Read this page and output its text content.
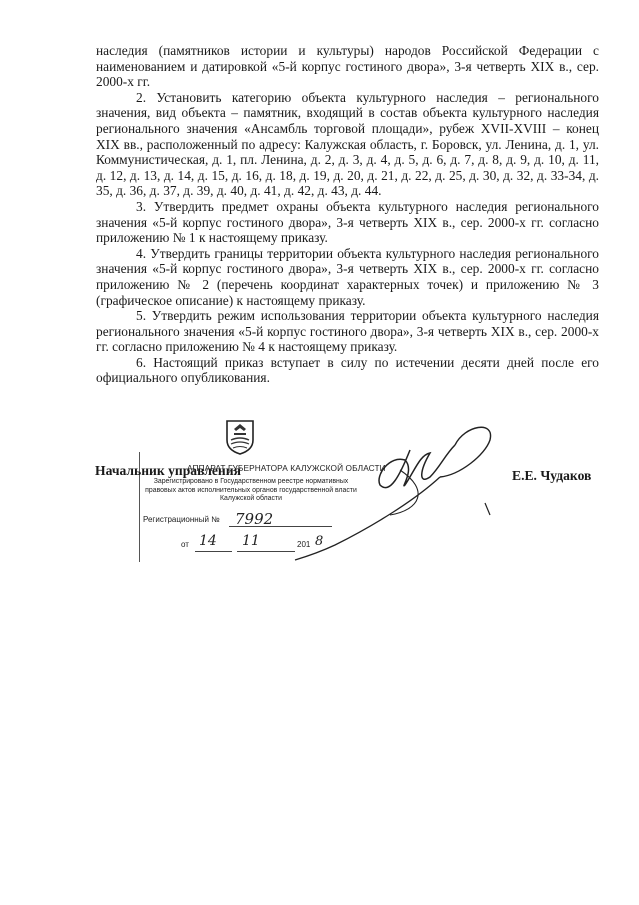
наследия (памятников истории и культуры) народов Российской Федерации с наименованием и датировкой «5-й корпус гостиного двора», 3-я четверть XIX в., сер. 2000-х гг.

2. Установить категорию объекта культурного наследия – регионального значения, вид объекта – памятник, входящий в состав объекта культурного наследия регионального значения «Ансамбль торговой площади», рубеж XVII-XVIII – конец XIX вв., расположенный по адресу: Калужская область, г. Боровск, ул. Ленина, д. 1, ул. Коммунистическая, д. 1, пл. Ленина, д. 2, д. 3, д. 4, д. 5, д. 6, д. 7, д. 8, д. 9, д. 10, д. 11, д. 12, д. 13, д. 14, д. 15, д. 16, д. 18, д. 19, д. 20, д. 21, д. 22, д. 25, д. 30, д. 32, д. 33-34, д. 35, д. 36, д. 37, д. 39, д. 40, д. 41, д. 42, д. 43, д. 44.

3. Утвердить предмет охраны объекта культурного наследия регионального значения «5-й корпус гостиного двора», 3-я четверть XIX в., сер. 2000-х гг. согласно приложению № 1 к настоящему приказу.

4. Утвердить границы территории объекта культурного наследия регионального значения «5-й корпус гостиного двора», 3-я четверть XIX в., сер. 2000-х гг. согласно приложению № 2 (перечень координат характерных точек) и приложению № 3 (графическое описание) к настоящему приказу.

5. Утвердить режим использования территории объекта культурного наследия регионального значения «5-й корпус гостиного двора», 3-я четверть XIX в., сер. 2000-х гг. согласно приложению № 4 к настоящему приказу.

6. Настоящий приказ вступает в силу по истечении десяти дней после его официального опубликования.

АППАРАТ ГУБЕРНАТОРА КАЛУЖСКОЙ ОБЛАСТИ
Зарегистрировано в Государственном реестре нормативных правовых актов исполнительных органов государственной власти Калужской области
Регистрационный № 7992
от 14 11	201 8
Начальник управления	Е.Е. Чудаков
